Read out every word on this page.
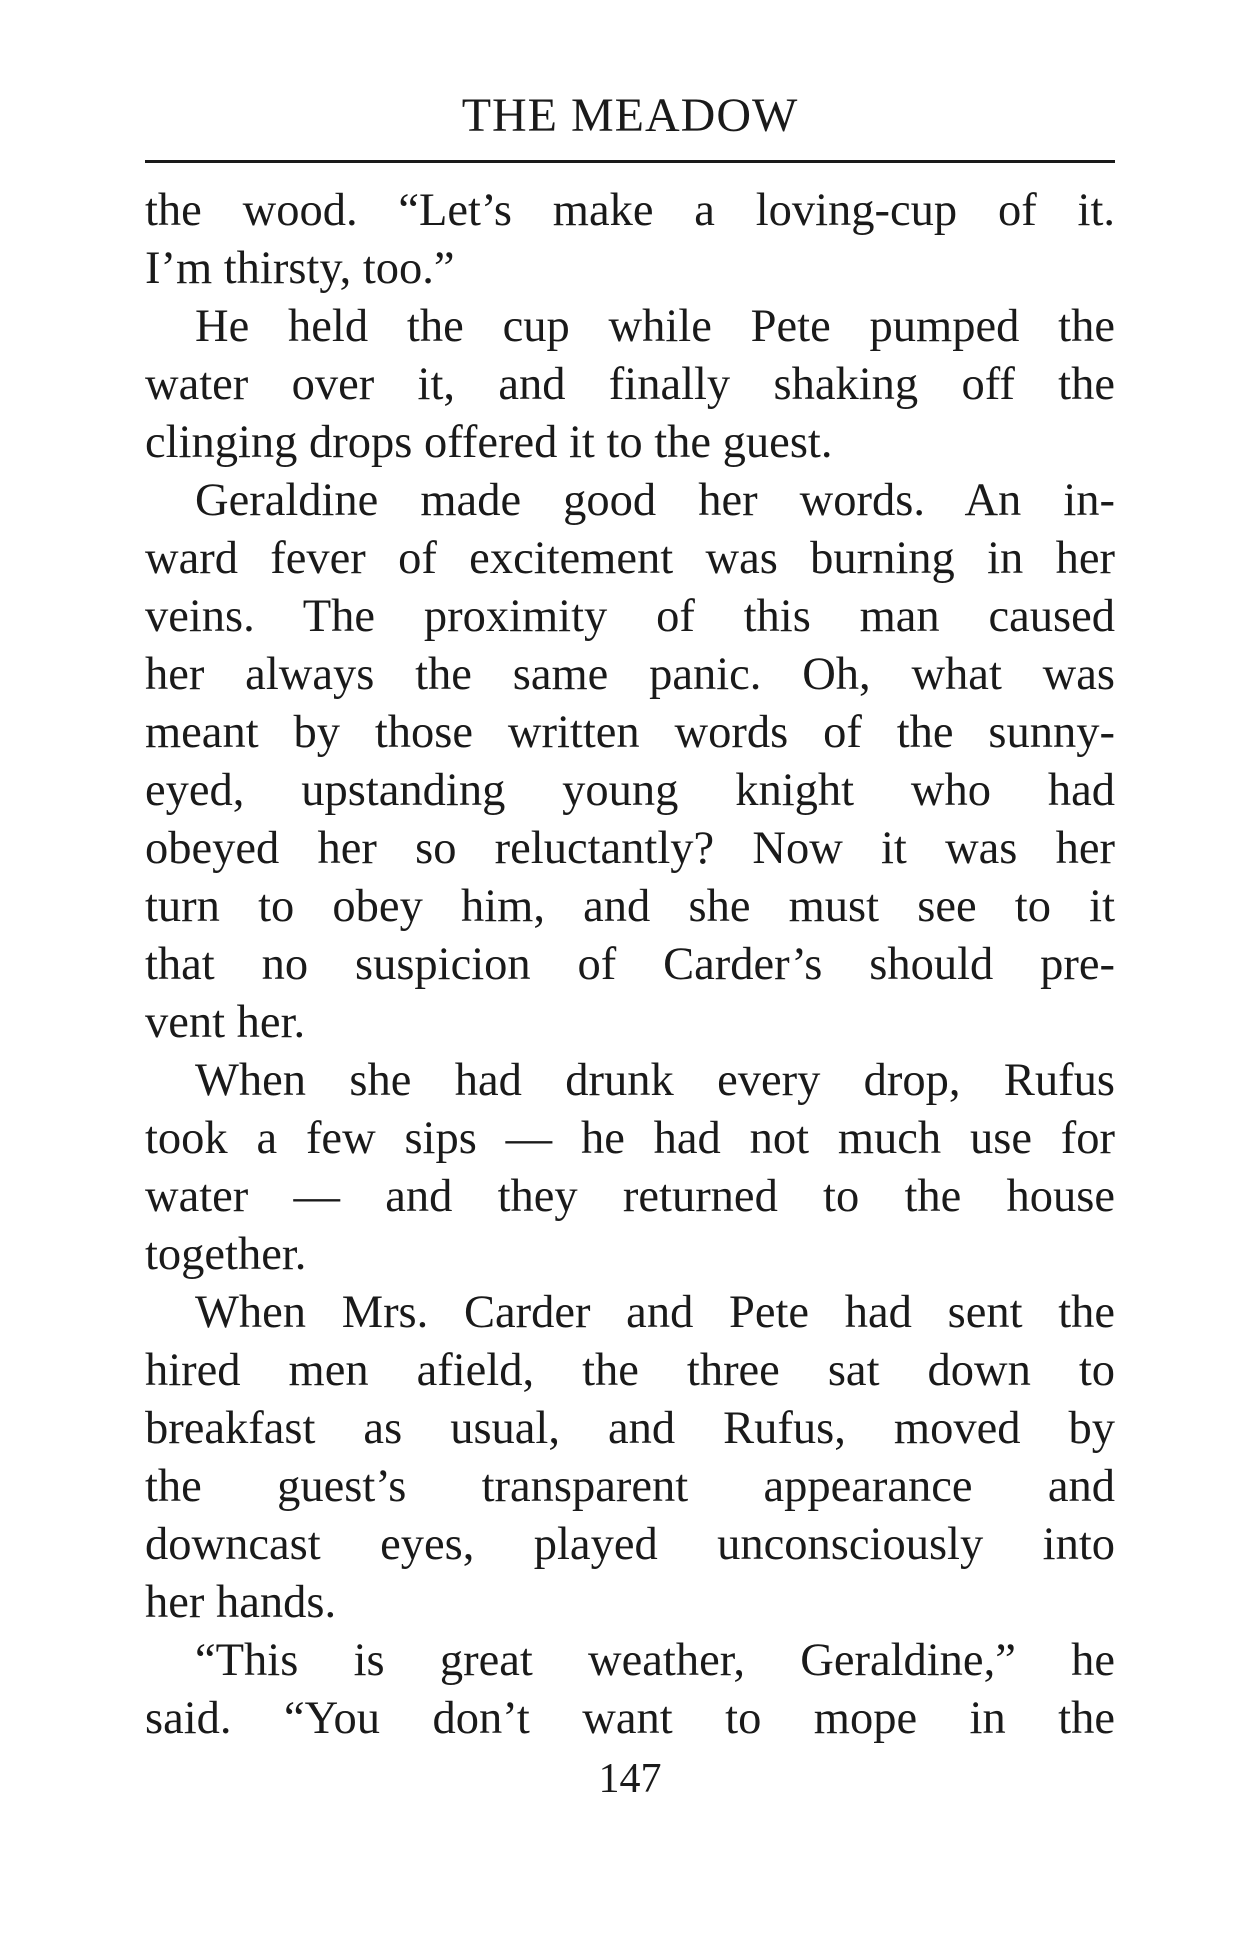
THE MEADOW
the wood. “Let’s make a loving-cup of it.
I’m thirsty, too.”
He held the cup while Pete pumped the
water over it, and finally shaking off the
clinging drops offered it to the guest.
Geraldine made good her words. An in-
ward fever of excitement was burning in her
veins. The proximity of this man caused
her always the same panic. Oh, what was
meant by those written words of the sunny-
eyed, upstanding young knight who had
obeyed her so reluctantly? Now it was her
turn to obey him, and she must see to it
that no suspicion of Carder’s should pre-
vent her.
When she had drunk every drop, Rufus
took a few sips — he had not much use for
water — and they returned to the house
together.
When Mrs. Carder and Pete had sent the
hired men afield, the three sat down to
breakfast as usual, and Rufus, moved by
the guest’s transparent appearance and
downcast eyes, played unconsciously into
her hands.
“This is great weather, Geraldine,” he
said. “You don’t want to mope in the
147
